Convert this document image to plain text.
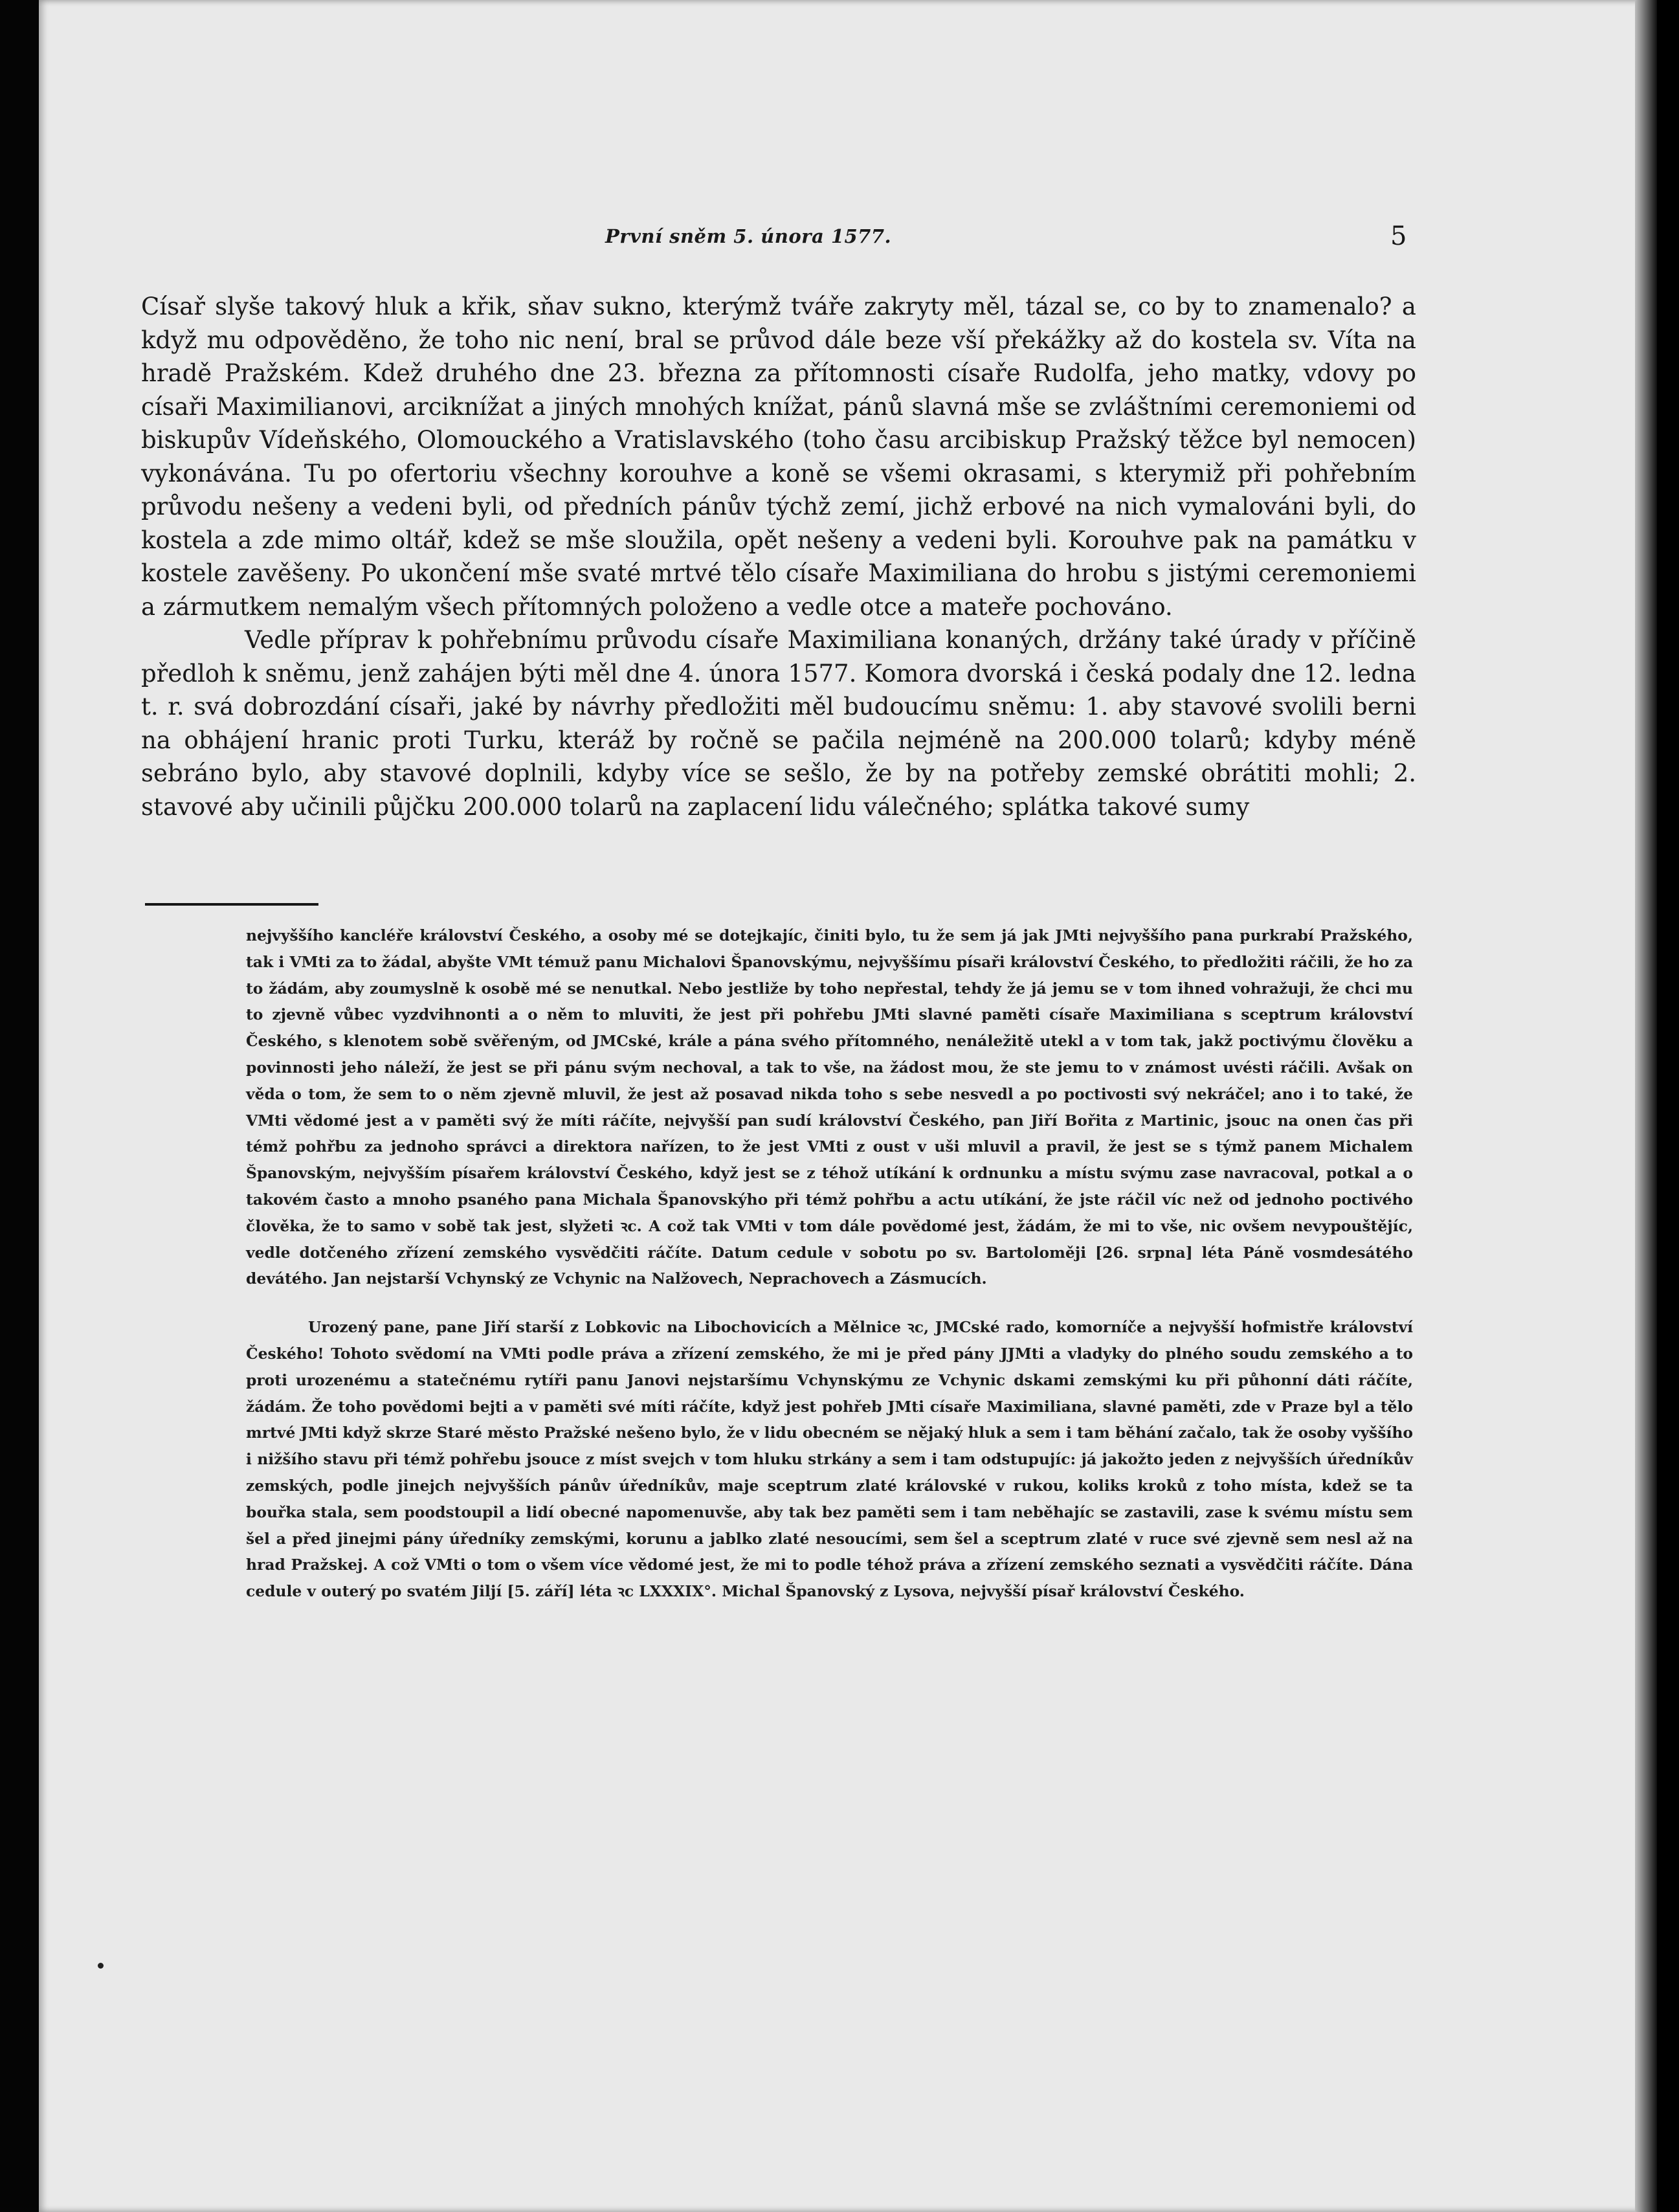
První sněm 5. února 1577.	5

Císař slyše takový hluk a křik, sňav sukno, kterýmž tváře zakryty měl, tázal se, co by to znamenalo? a když mu odpověděno, že toho nic není, bral se průvod dále beze vší překážky až do kostela sv. Víta na hradě Pražském. Kdež druhého dne 23. března za přítomnosti císaře Rudolfa, jeho matky, vdovy po císaři Maximilianovi, arciknížat a jiných mnohých knížat, pánů slavná mše se zvláštními ceremoniemi od biskupův Vídeňského, Olomouckého a Vratislavského (toho času arcibiskup Pražský těžce byl nemocen) vykonávána. Tu po ofertoriu všechny korouhve a koně se všemi okrasami, s kterymiž při pohřebním průvodu nešeny a vedeni byli, od předních pánův týchž zemí, jichž erbové na nich vymalováni byli, do kostela a zde mimo oltář, kdež se mše sloužila, opět nešeny a vedeni byli. Korouhve pak na památku v kostele zavěšeny. Po ukončení mše svaté mrtvé tělo císaře Maximiliana do hrobu s jistými ceremoniemi a zármutkem nemalým všech přítomných položeno a vedle otce a mateře pochováno.

Vedle příprav k pohřebnímu průvodu císaře Maximiliana konaných, držány také úrady v příčině předloh k sněmu, jenž zahájen býti měl dne 4. února 1577. Komora dvorská i česká podaly dne 12. ledna t. r. svá dobrozdání císaři, jaké by návrhy předložiti měl budoucímu sněmu: 1. aby stavové svolili berni na obhájení hranic proti Turku, kteráž by ročně se pačila nejméně na 200.000 tolarů; kdyby méně sebráno bylo, aby stavové doplnili, kdyby více se sešlo, že by na potřeby zemské obrátiti mohli; 2. stavové aby učinili půjčku 200.000 tolarů na zaplacení lidu válečného; splátka takové sumy

nejvyššího kancléře království Českého, a osoby mé se dotejkajíc, činiti bylo, tu že sem já jak JMti nejvyššího pana purkrabí Pražského, tak i VMti za to žádal, abyšte VMt témuž panu Michalovi Španovskýmu, nejvyššímu písaři království Českého, to předložiti ráčili, že ho za to žádám, aby zoumyslně k osobě mé se nenutkal. Nebo jestliže by toho nepřestal, tehdy že já jemu se v tom ihned vohražuji, že chci mu to zjevně vůbec vyzdvihnonti a o něm to mluviti, že jest při pohřebu JMti slavné paměti císaře Maximiliana s sceptrum království Českého, s klenotem sobě svěřeným, od JMCské, krále a pána svého přítomného, nenáležitě utekl a v tom tak, jakž poctivýmu člověku a povinnosti jeho náleží, že jest se při pánu svým nechoval, a tak to vše, na žádost mou, že ste jemu to v známost uvésti ráčili. Avšak on věda o tom, že sem to o něm zjevně mluvil, že jest až posavad nikda toho s sebe nesvedl a po poctivosti svý nekráčel; ano i to také, že VMti vědomé jest a v paměti svý že míti ráčíte, nejvyšší pan sudí království Českého, pan Jiří Bořita z Martinic, jsouc na onen čas při témž pohřbu za jednoho správci a direktora nařízen, to že jest VMti z oust v uši mluvil a pravil, že jest se s týmž panem Michalem Španovským, nejvyšším písařem království Českého, když jest se z téhož utíkání k ordnunku a místu svýmu zase navracoval, potkal a o takovém často a mnoho psaného pana Michala Španovskýho při témž pohřbu a actu utíkání, že jste ráčil víc než od jednoho poctivého člověka, že to samo v sobě tak jest, slyžeti ꝛc. A což tak VMti v tom dále povědomé jest, žádám, že mi to vše, nic ovšem nevypouštějíc, vedle dotčeného zřízení zemského vysvědčiti ráčíte. Datum cedule v sobotu po sv. Bartoloměji [26. srpna] léta Páně vosmdesátého devátého. Jan nejstarší Vchynský ze Vchynic na Nalžovech, Neprachovech a Zásmucích.

Urozený pane, pane Jiří starší z Lobkovic na Libochovicích a Mělnice ꝛc, JMCské rado, komorníče a nejvyšší hofmistře království Českého! Tohoto svědomí na VMti podle práva a zřízení zemského, že mi je před pány JJMti a vladyky do plného soudu zemského a to proti urozenému a statečnému rytíři panu Janovi nejstaršímu Vchynskýmu ze Vchynic dskami zemskými ku při půhonní dáti ráčíte, žádám. Že toho povědomi bejti a v paměti své míti ráčíte, když jest pohřeb JMti císaře Maximiliana, slavné paměti, zde v Praze byl a tělo mrtvé JMti když skrze Staré město Pražské nešeno bylo, že v lidu obecném se nějaký hluk a sem i tam běhání začalo, tak že osoby vyššího i nižšího stavu při témž pohřebu jsouce z míst svejch v tom hluku strkány a sem i tam odstupujíc: já jakožto jeden z nejvyšších úředníkův zemských, podle jinejch nejvyšších pánův úředníkův, maje sceptrum zlaté královské v rukou, koliks kroků z toho místa, kdež se ta bouřka stala, sem poodstoupil a lidí obecné napomenuvše, aby tak bez paměti sem i tam neběhajíc se zastavili, zase k svému místu sem šel a před jinejmi pány úředníky zemskými, korunu a jablko zlaté nesoucími, sem šel a sceptrum zlaté v ruce své zjevně sem nesl až na hrad Pražskej. A což VMti o tom o všem více vědomé jest, že mi to podle téhož práva a zřízení zemského seznati a vysvědčiti ráčíte. Dána cedule v outerý po svatém Jiljí [5. září] léta ꝛc LXXXIX°. Michal Španovský z Lysova, nejvyšší písař království Českého.
